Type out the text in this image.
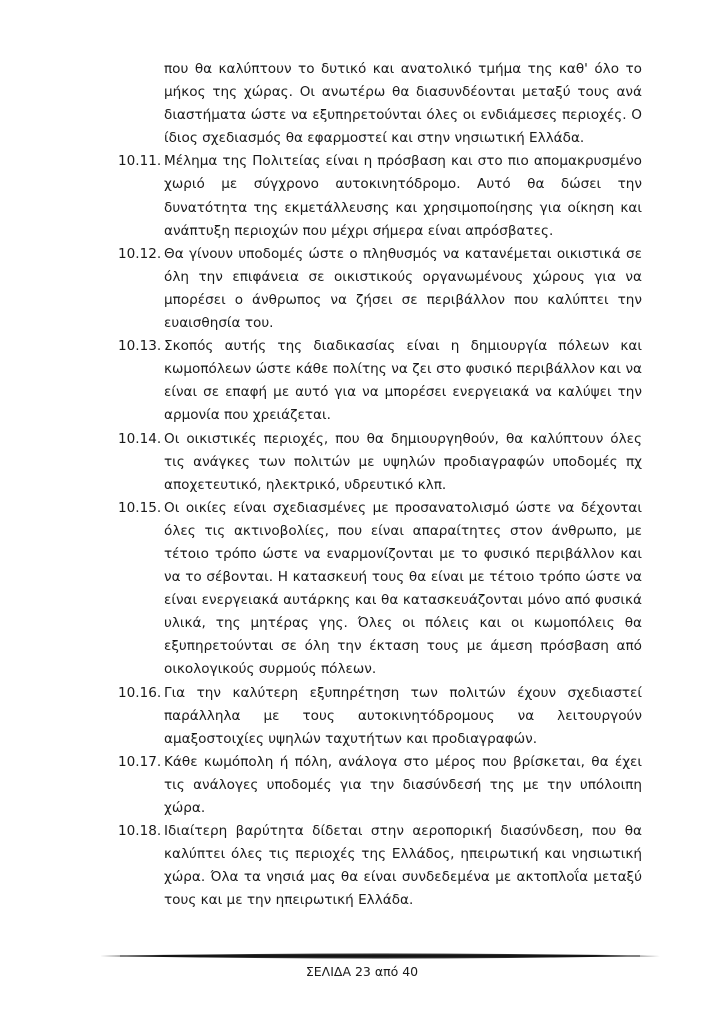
που θα καλύπτουν το δυτικό και ανατολικό τμήμα της καθ' όλο το μήκος της χώρας. Οι ανωτέρω θα διασυνδέονται μεταξύ τους ανά διαστήματα ώστε να εξυπηρετούνται όλες οι ενδιάμεσες περιοχές. Ο ίδιος σχεδιασμός θα εφαρμοστεί και στην νησιωτική Ελλάδα.

10.11. Μέλημα της Πολιτείας είναι η πρόσβαση και στο πιο απομακρυσμένο χωριό με σύγχρονο αυτοκινητόδρομο. Αυτό θα δώσει την δυνατότητα της εκμετάλλευσης και χρησιμοποίησης για οίκηση και ανάπτυξη περιοχών που μέχρι σήμερα είναι απρόσβατες.

10.12. Θα γίνουν υποδομές ώστε ο πληθυσμός να κατανέμεται οικιστικά σε όλη την επιφάνεια σε οικιστικούς οργανωμένους χώρους για να μπορέσει ο άνθρωπος να ζήσει σε περιβάλλον που καλύπτει την ευαισθησία του.

10.13. Σκοπός αυτής της διαδικασίας είναι η δημιουργία πόλεων και κωμοπόλεων ώστε κάθε πολίτης να ζει στο φυσικό περιβάλλον και να είναι σε επαφή με αυτό για να μπορέσει ενεργειακά να καλύψει την αρμονία που χρειάζεται.

10.14. Οι οικιστικές περιοχές, που θα δημιουργηθούν, θα καλύπτουν όλες τις ανάγκες των πολιτών με υψηλών προδιαγραφών υποδομές πχ αποχετευτικό, ηλεκτρικό, υδρευτικό κλπ.

10.15. Οι οικίες είναι σχεδιασμένες με προσανατολισμό ώστε να δέχονται όλες τις ακτινοβολίες, που είναι απαραίτητες στον άνθρωπο, με τέτοιο τρόπο ώστε να εναρμονίζονται με το φυσικό περιβάλλον και να το σέβονται. Η κατασκευή τους θα είναι με τέτοιο τρόπο ώστε να είναι ενεργειακά αυτάρκης και θα κατασκευάζονται μόνο από φυσικά υλικά, της μητέρας γης. Όλες οι πόλεις και οι κωμοπόλεις θα εξυπηρετούνται σε όλη την έκταση τους με άμεση πρόσβαση από οικολογικούς συρμούς πόλεων.

10.16. Για την καλύτερη εξυπηρέτηση των πολιτών έχουν σχεδιαστεί παράλληλα με τους αυτοκινητόδρομους να λειτουργούν αμαξοστοιχίες υψηλών ταχυτήτων και προδιαγραφών.

10.17. Κάθε κωμόπολη ή πόλη, ανάλογα στο μέρος που βρίσκεται, θα έχει τις ανάλογες υποδομές για την διασύνδεσή της με την υπόλοιπη χώρα.

10.18. Ιδιαίτερη βαρύτητα δίδεται στην αεροπορική διασύνδεση, που θα καλύπτει όλες τις περιοχές της Ελλάδος, ηπειρωτική και νησιωτική χώρα. Όλα τα νησιά μας θα είναι συνδεδεμένα με ακτοπλοΐα μεταξύ τους και με την ηπειρωτική Ελλάδα.

ΣΕΛΙΔΑ 23 από 40
